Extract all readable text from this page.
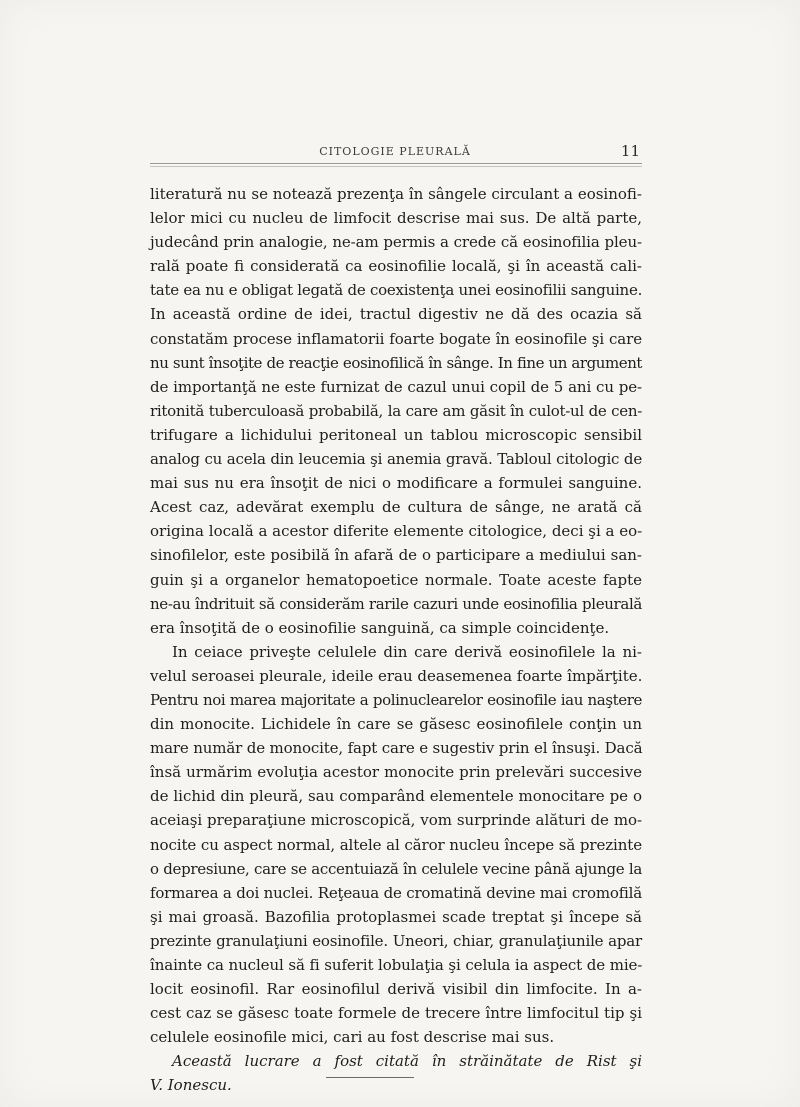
CITOLOGIE PLEURALĂ	11
literatură nu se notează prezenţa în sângele circulant a eosinofi-
lelor mici cu nucleu de limfocit descrise mai sus. De altă parte,
judecând prin analogie, ne-am permis a crede că eosinofilia pleu-
rală poate fi considerată ca eosinofilie locală, şi în această cali-
tate ea nu e obligat legată de coexistenţa unei eosinofilii sanguine.
In această ordine de idei, tractul digestiv ne dă des ocazia să
constatăm procese inflamatorii foarte bogate în eosinofile şi care
nu sunt însoţite de reacţie eosinofilică în sânge. In fine un argument
de importanţă ne este furnizat de cazul unui copil de 5 ani cu pe-
ritonită tuberculoasă probabilă, la care am găsit în culot-ul de cen-
trifugare a lichidului peritoneal un tablou microscopic sensibil
analog cu acela din leucemia şi anemia gravă. Tabloul citologic de
mai sus nu era însoţit de nici o modificare a formulei sanguine.
Acest caz, adevărat exemplu de cultura de sânge, ne arată că
origina locală a acestor diferite elemente citologice, deci şi a eo-
sinofilelor, este posibilă în afară de o participare a mediului san-
guin şi a organelor hematopoetice normale. Toate aceste fapte
ne-au îndrituit să considerăm rarile cazuri unde eosinofilia pleurală
era însoţită de o eosinofilie sanguină, ca simple coincidenţe.
In ceiace priveşte celulele din care derivă eosinofilele la ni-
velul seroasei pleurale, ideile erau deasemenea foarte împărţite.
Pentru noi marea majoritate a polinuclearelor eosinofile iau naştere
din monocite. Lichidele în care se găsesc eosinofilele conţin un
mare număr de monocite, fapt care e sugestiv prin el însuşi. Dacă
însă urmărim evoluţia acestor monocite prin prelevări succesive
de lichid din pleură, sau comparând elementele monocitare pe o
aceiaşi preparaţiune microscopică, vom surprinde alături de mo-
nocite cu aspect normal, altele al căror nucleu începe să prezinte
o depresiune, care se accentuiază în celulele vecine până ajunge la
formarea a doi nuclei. Reţeaua de cromatină devine mai cromofilă
şi mai groasă. Bazofilia protoplasmei scade treptat şi începe să
prezinte granulaţiuni eosinofile. Uneori, chiar, granulaţiunile apar
înainte ca nucleul să fi suferit lobulaţia şi celula ia aspect de mie-
locit eosinofil. Rar eosinofilul derivă visibil din limfocite. In a-
cest caz se găsesc toate formele de trecere între limfocitul tip şi
celulele eosinofile mici, cari au fost descrise mai sus.
Această lucrare a fost citată în străinătate de Rist şi
V. Ionescu.
